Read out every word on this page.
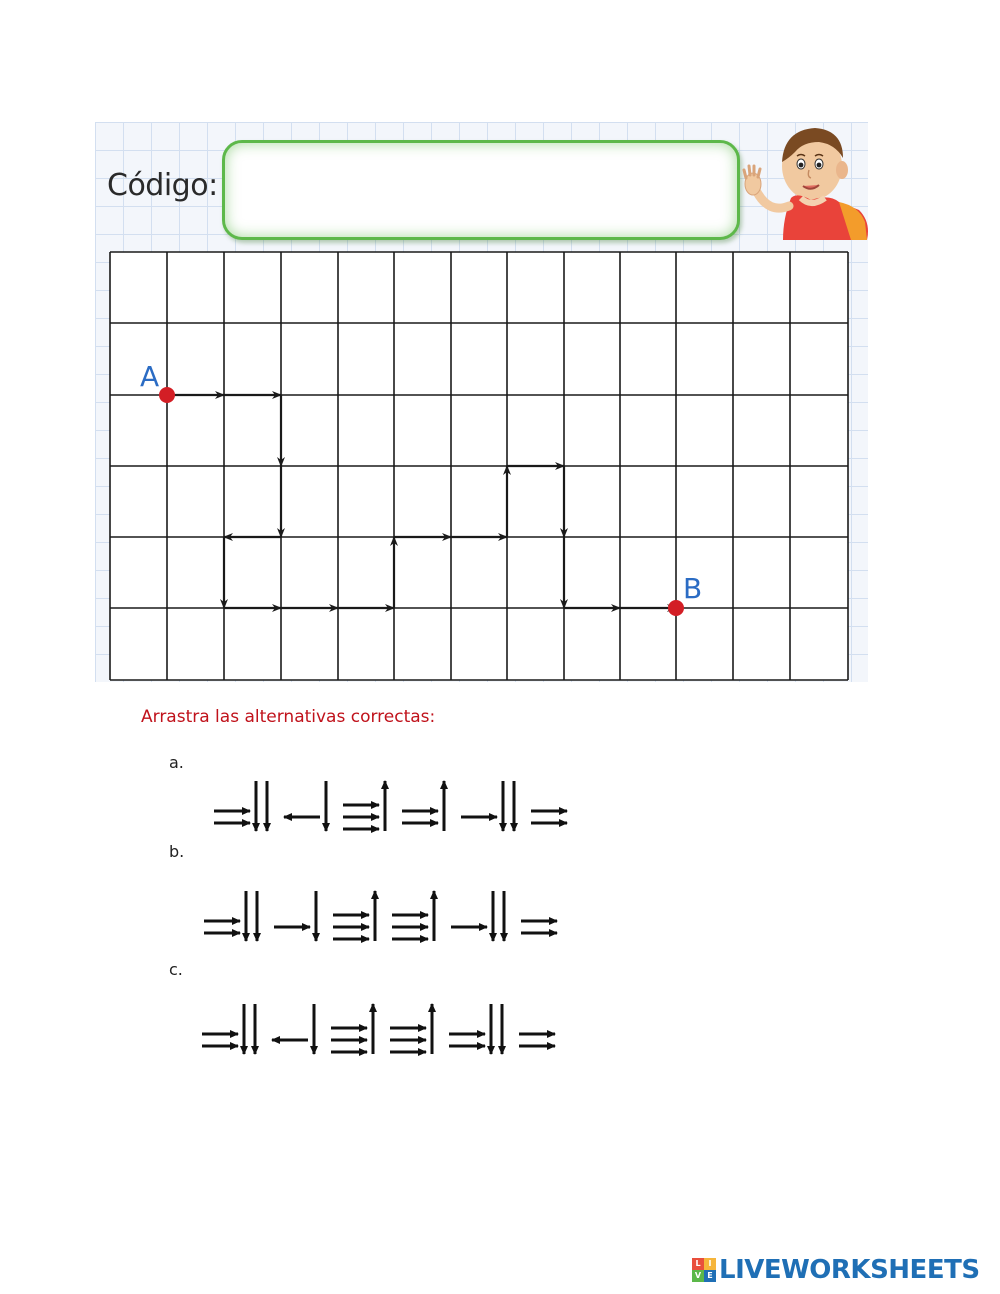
Código:
A
B
Arrastra las alternativas correctas:
a.
b.
c.
L I
V E LIVEWORKSHEETS
